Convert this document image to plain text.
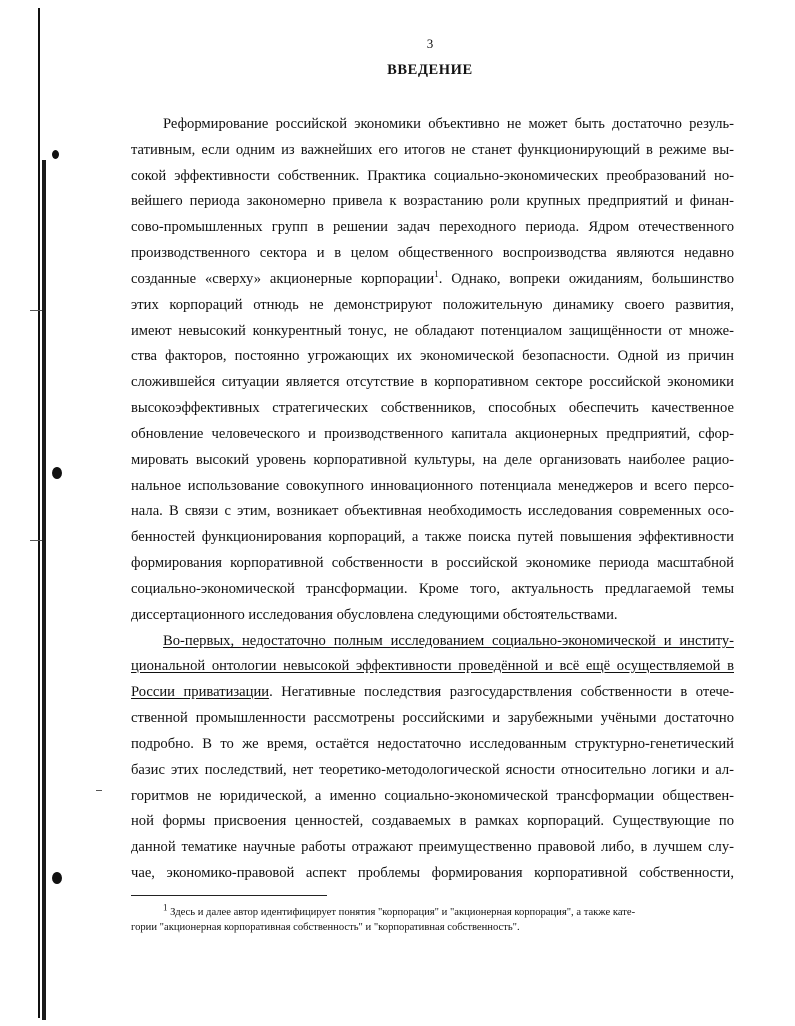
3
ВВЕДЕНИЕ
Реформирование российской экономики объективно не может быть достаточно резуль-
тативным, если одним из важнейших его итогов не станет функционирующий в режиме вы-
сокой эффективности собственник. Практика социально-экономических преобразований но-
вейшего периода закономерно привела к возрастанию роли крупных предприятий и финан-
сово-промышленных групп в решении задач переходного периода. Ядром отечественного
производственного сектора и в целом общественного воспроизводства являются недавно
созданные «сверху» акционерные корпорации$^1$. Однако, вопреки ожиданиям, большинство
этих корпораций отнюдь не демонстрируют положительную динамику своего развития,
имеют невысокий конкурентный тонус, не обладают потенциалом защищённости от множе-
ства факторов, постоянно угрожающих их экономической безопасности. Одной из причин
сложившейся ситуации является отсутствие в корпоративном секторе российской экономики
высокоэффективных стратегических собственников, способных обеспечить качественное
обновление человеческого и производственного капитала акционерных предприятий, сфор-
мировать высокий уровень корпоративной культуры, на деле организовать наиболее рацио-
нальное использование совокупного инновационного потенциала менеджеров и всего персо-
нала. В связи с этим, возникает объективная необходимость исследования современных осо-
бенностей функционирования корпораций, а также поиска путей повышения эффективности
формирования корпоративной собственности в российской экономике периода масштабной
социально-экономической трансформации. Кроме того, актуальность предлагаемой темы
диссертационного исследования обусловлена следующими обстоятельствами.
Во-первых, недостаточно полным исследованием социально-экономической и институ-
циональной онтологии невысокой эффективности проведённой и всё ещё осуществляемой в
России приватизации. Негативные последствия разгосударствления собственности в отече-
ственной промышленности рассмотрены российскими и зарубежными учёными достаточно
подробно. В то же время, остаётся недостаточно исследованным структурно-генетический
базис этих последствий, нет теоретико-методологической ясности относительно логики и ал-
горитмов не юридической, а именно социально-экономической трансформации обществен-
ной формы присвоения ценностей, создаваемых в рамках корпораций. Существующие по
данной тематике научные работы отражают преимущественно правовой либо, в лучшем слу-
чае, экономико-правовой аспект проблемы формирования корпоративной собственности,
$^1$ Здесь и далее автор идентифицирует понятия "корпорация" и "акционерная корпорация", а также кате-
гории "акционерная корпоративная собственность" и "корпоративная собственность".
